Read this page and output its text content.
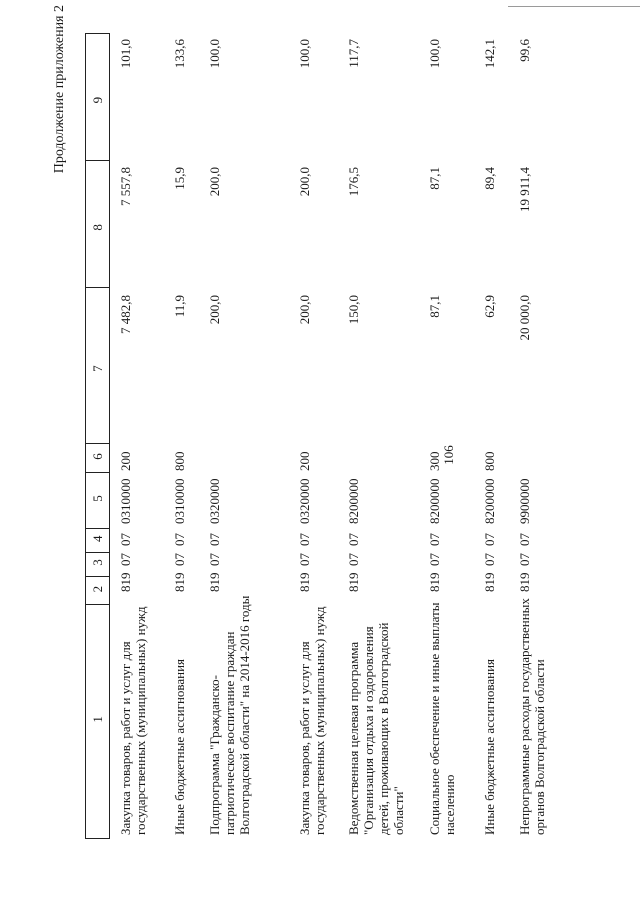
106
Продолжение приложения 2
1
2
3
4
5
6
7
8
9
Закупка товаров, работ и услуг для государственных (муниципальных) нужд
819
07
07
0310000
200
7 482,8
7 557,8
101,0
Иные бюджетные ассигнования
819
07
07
0310000
800
11,9
15,9
133,6
Подпрограмма "Гражданско-патриотическое воспитание граждан Волгоградской области" на 2014-2016 годы
819
07
07
0320000
200,0
200,0
100,0
Закупка товаров, работ и услуг для государственных (муниципальных) нужд
819
07
07
0320000
200
200,0
200,0
100,0
Ведомственная целевая программа "Организация отдыха и оздоровления детей, проживающих в Волгоградской области"
819
07
07
8200000
150,0
176,5
117,7
Социальное обеспечение и иные выплаты населению
819
07
07
8200000
300
87,1
87,1
100,0
Иные бюджетные ассигнования
819
07
07
8200000
800
62,9
89,4
142,1
Непрограммные расходы государственных органов Волгоградской области
819
07
07
9900000
20 000,0
19 911,4
99,6
